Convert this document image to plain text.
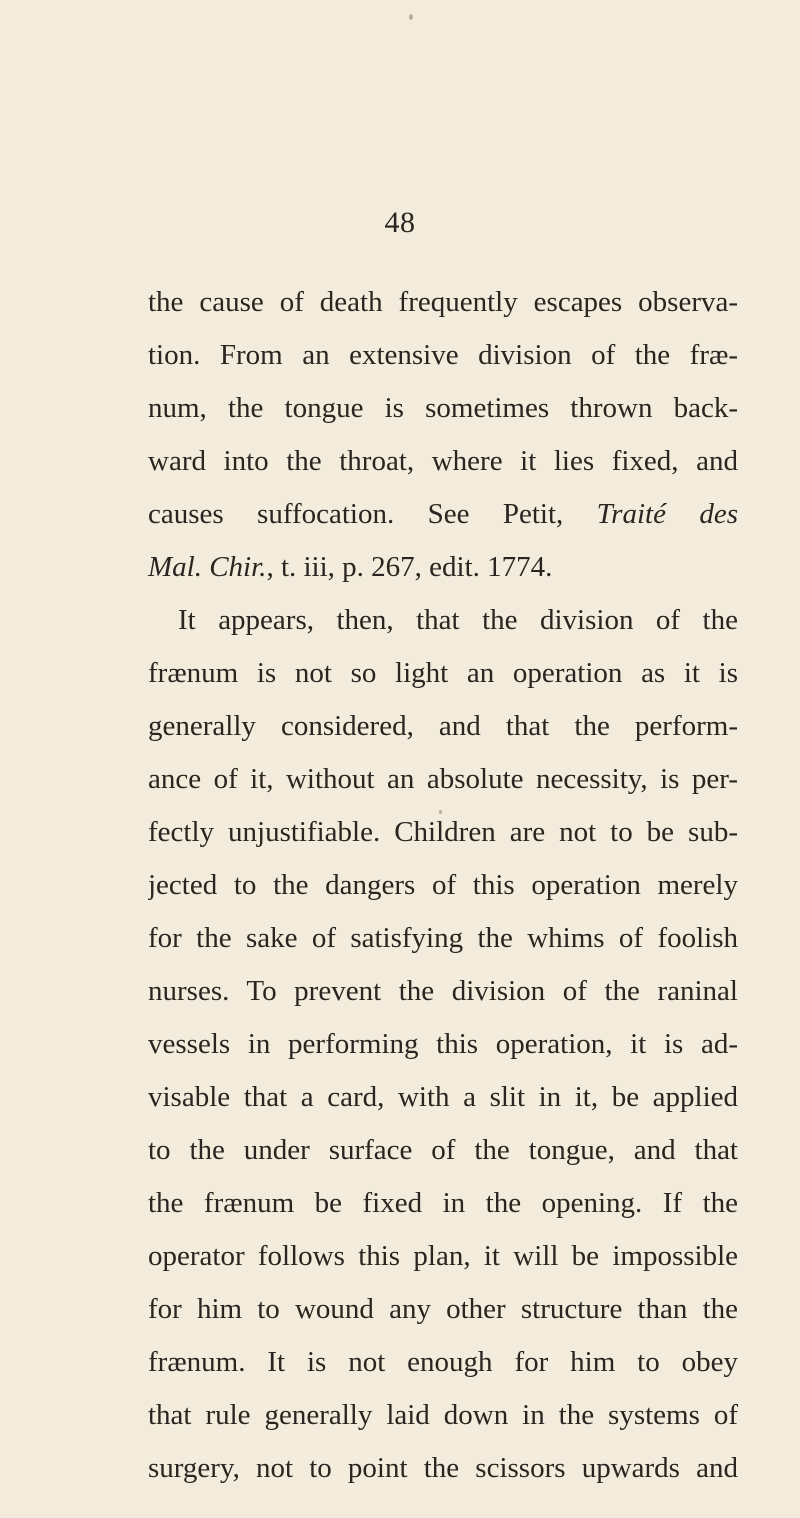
48
the cause of death frequently escapes observa-
tion. From an extensive division of the fræ-
num, the tongue is sometimes thrown back-
ward into the throat, where it lies fixed, and
causes suffocation. See Petit, Traité des
Mal. Chir., t. iii, p. 267, edit. 1774.
It appears, then, that the division of the
frænum is not so light an operation as it is
generally considered, and that the perform-
ance of it, without an absolute necessity, is per-
fectly unjustifiable. Children are not to be sub-
jected to the dangers of this operation merely
for the sake of satisfying the whims of foolish
nurses. To prevent the division of the raninal
vessels in performing this operation, it is ad-
visable that a card, with a slit in it, be applied
to the under surface of the tongue, and that
the frænum be fixed in the opening. If the
operator follows this plan, it will be impossible
for him to wound any other structure than the
frænum. It is not enough for him to obey
that rule generally laid down in the systems of
surgery, not to point the scissors upwards and
